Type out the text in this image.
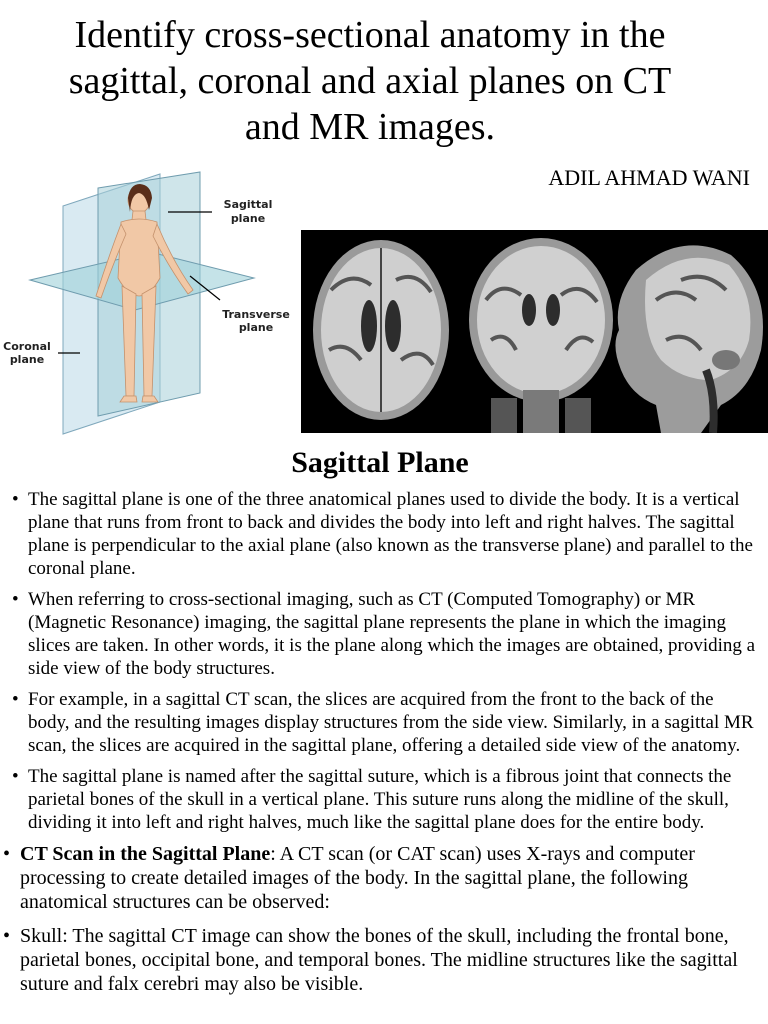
Identify cross-sectional anatomy in the sagittal, coronal and axial planes on CT and MR images.
ADIL AHMAD WANI
Sagittal
plane
Transverse
plane
Coronal
plane
Sagittal Plane
• The sagittal plane is one of the three anatomical planes used to divide the body. It is a vertical plane that runs from front to back and divides the body into left and right halves. The sagittal plane is perpendicular to the axial plane (also known as the transverse plane) and parallel to the coronal plane.
• When referring to cross-sectional imaging, such as CT (Computed Tomography) or MR (Magnetic Resonance) imaging, the sagittal plane represents the plane in which the imaging slices are taken. In other words, it is the plane along which the images are obtained, providing a side view of the body structures.
• For example, in a sagittal CT scan, the slices are acquired from the front to the back of the body, and the resulting images display structures from the side view. Similarly, in a sagittal MR scan, the slices are acquired in the sagittal plane, offering a detailed side view of the anatomy.
• The sagittal plane is named after the sagittal suture, which is a fibrous joint that connects the parietal bones of the skull in a vertical plane. This suture runs along the midline of the skull, dividing it into left and right halves, much like the sagittal plane does for the entire body.
• CT Scan in the Sagittal Plane: A CT scan (or CAT scan) uses X-rays and computer processing to create detailed images of the body. In the sagittal plane, the following anatomical structures can be observed:
• Skull: The sagittal CT image can show the bones of the skull, including the frontal bone, parietal bones, occipital bone, and temporal bones. The midline structures like the sagittal suture and falx cerebri may also be visible.
